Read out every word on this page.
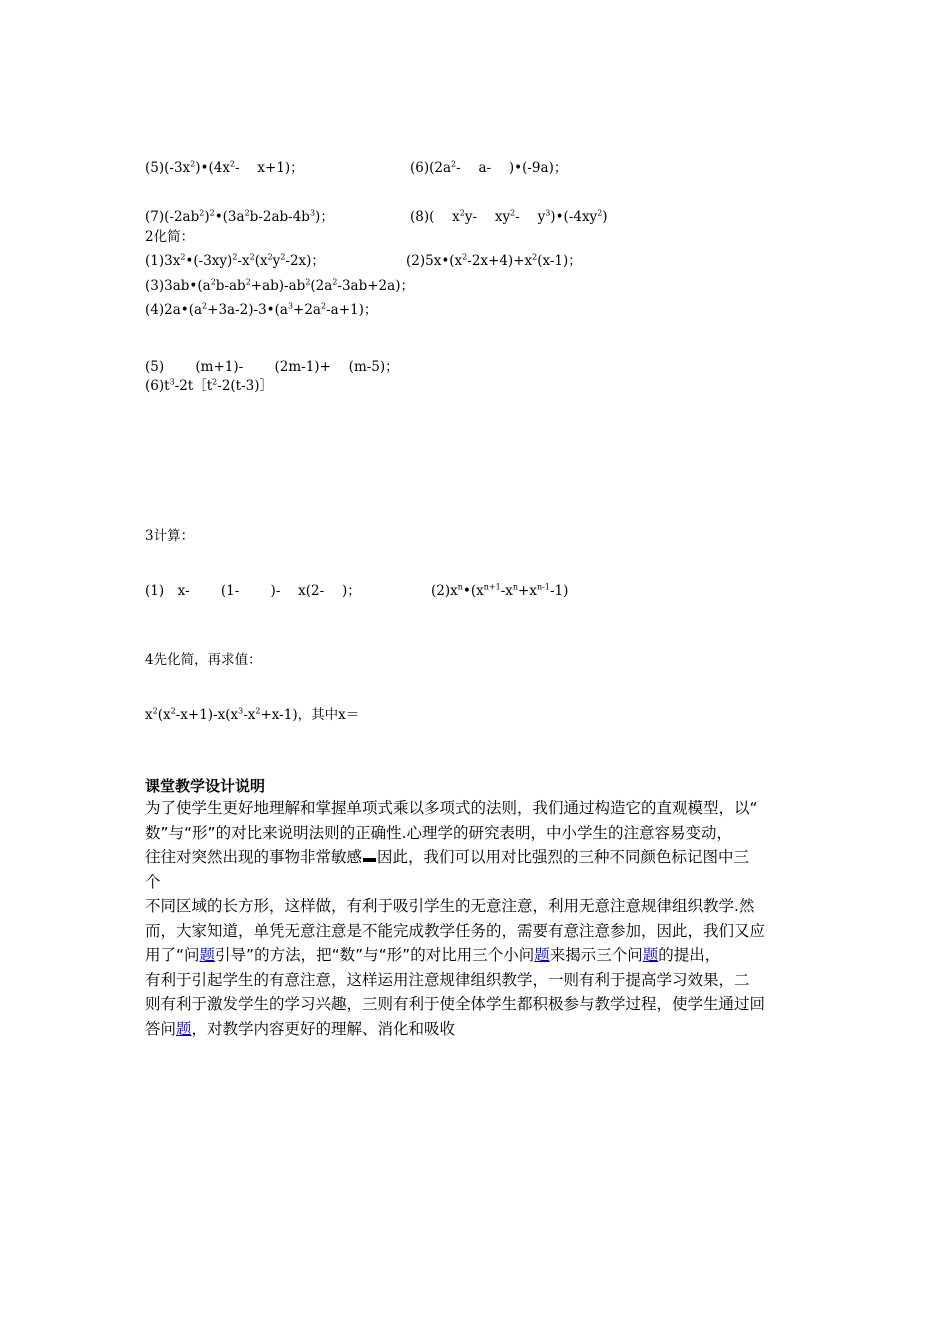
$(5)(-3x^2)•(4x^2-$　 x+1)；	$(6)(2a^2-$　 a-　 )•(-9a)；
$(7)(-2ab^2)^2•(3a^2b-2ab-4b^3)$；	(8)(　 $x^2y-$　 $xy^2-$　 $y^3)•(-4xy^2)$
2化简：
$(1)3x^2•(-3xy)^2-x^2(x^2y^2-2x)$；	$(2)5x•(x^2-2x+4)+x^2(x-1)$；
$(3)3ab•(a^2b-ab^2+ab)-ab^2(2a^2-3ab+2a)$；
$(4)2a•(a^2+3a-2)-3•(a^3+2a^2-a+1)$；
(5)　 　(m+1)-　 　(2m-1)+　 (m-5)；
$(6)t^3-2t[t^2-2(t-3)]$
3计算：
(1)　x-　 　(1-　 　)-　 x(2-　 )；	$(2)x^n•(x^{n+1}-x^n+x^{n-1}-1)$
4先化简，再求值：
$x^2(x^2-x+1)-x(x^3-x^2+x-1)$，其中x＝
课堂教学设计说明
为了使学生更好地理解和掌握单项式乘以多项式的法则，我们通过构造它的直观模型，以“
数”与“形”的对比来说明法则的正确性.心理学的研究表明，中小学生的注意容易变动，
往往对突然出现的事物非常敏感 因此，我们可以用对比强烈的三种不同颜色标记图中三
个
不同区域的长方形，这样做，有利于吸引学生的无意注意，利用无意注意规律组织教学.然
而，大家知道，单凭无意注意是不能完成教学任务的，需要有意注意参加，因此，我们又应
用了“问题引导”的方法，把“数”与“形”的对比用三个小问题来揭示三个问题的提出，
有利于引起学生的有意注意，这样运用注意规律组织教学，一则有利于提高学习效果，二
则有利于激发学生的学习兴趣，三则有利于使全体学生都积极参与教学过程，使学生通过回
答问题，对教学内容更好的理解、消化和吸收
